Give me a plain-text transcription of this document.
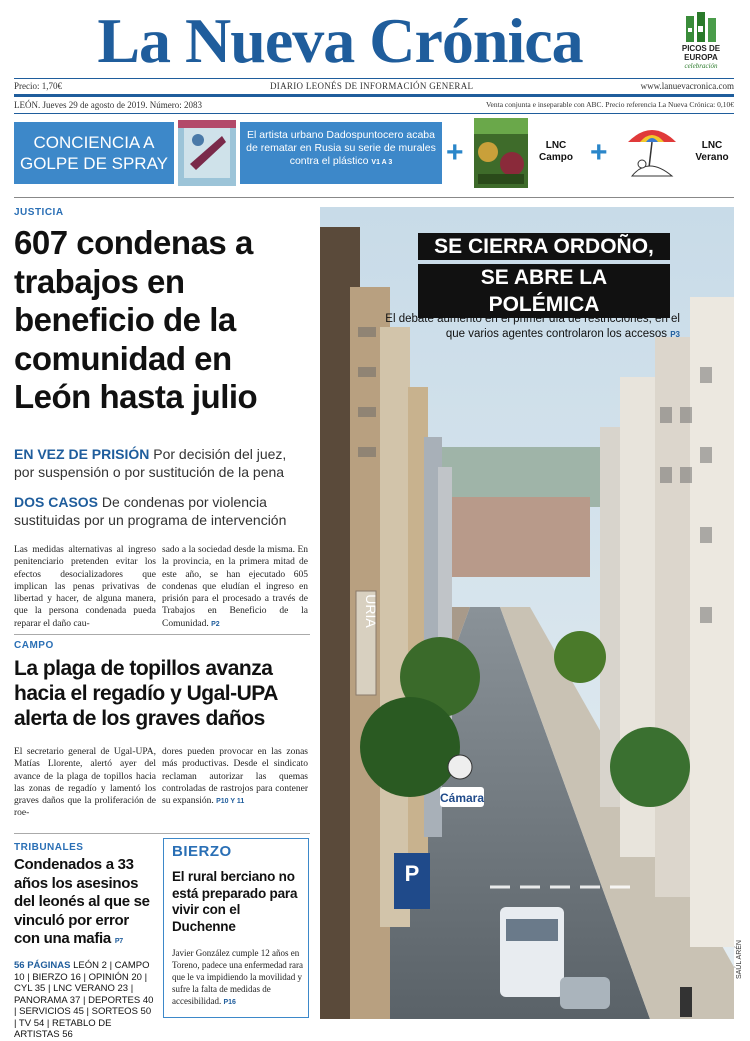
La Nueva Crónica	PICOS DE EUROPA
celebración
Precio: 1,70€	DIARIO LEONÉS DE INFORMACIÓN GENERAL	www.lanuevacronica.com
LEÓN. Jueves 29 de agosto de 2019. Número: 2083	Venta conjunta e inseparable con ABC. Precio referencia La Nueva Crónica: 0,10€
CONCIENCIA A GOLPE DE SPRAY
El artista urbano Dadospuntocero acaba de rematar en Rusia su serie de murales contra el plástico V1 A 3	+	LNC Campo +	LNC Verano
JUSTICIA
607 condenas a trabajos en beneficio de la comunidad en León hasta julio
EN VEZ DE PRISIÓN Por decisión del juez, por suspensión o por sustitución de la pena
DOS CASOS De condenas por violencia sustituidas por un programa de intervención
Las medidas alternativas al ingreso penitenciario pretenden evitar los efectos desocializadores que implican las penas privativas de libertad y hacer, de alguna manera, que la persona condenada pueda reparar el daño cau-
sado a la sociedad desde la misma. En la provincia, en la primera mitad de este año, se han ejecutado 605 condenas que eludían el ingreso en prisión para el procesado a través de Trabajos en Beneficio de la Comunidad. P2
CAMPO
La plaga de topillos avanza hacia el regadío y Ugal-UPA alerta de los graves daños
El secretario general de Ugal-UPA, Matías Llorente, alertó ayer del avance de la plaga de topillos hacia las zonas de regadío y lamentó los graves daños que la proliferación de roe-
dores pueden provocar en las zonas más productivas. Desde el sindicato reclaman autorizar las quemas controladas de rastrojos para contener su expansión. P10 Y 11
TRIBUNALES
Condenados a 33 años los asesinos del leonés al que se vinculó por error con una mafia P7
56 PÁGINAS LEÓN 2 | CAMPO 10 | BIERZO 16 | OPINIÓN 20 | CYL 35 | LNC VERANO 23 | PANORAMA 37 | DEPORTES 40 | SERVICIOS 45 | SORTEOS 50 | TV 54 | RETABLO DE ARTISTAS 56
BIERZO
El rural berciano no está preparado para vivir con el Duchenne
Javier González cumple 12 años en Toreno, padece una enfermedad rara que le va impidiendo la movilidad y sufre la falta de medidas de accesibilidad. P16
Cámara
P
URIA
SE CIERRA ORDOÑO,
SE ABRE LA POLÉMICA
El debate aumentó en el primer día de restricciones, en el que varios agentes controlaron los accesos P3
SAÚL ARÉN
